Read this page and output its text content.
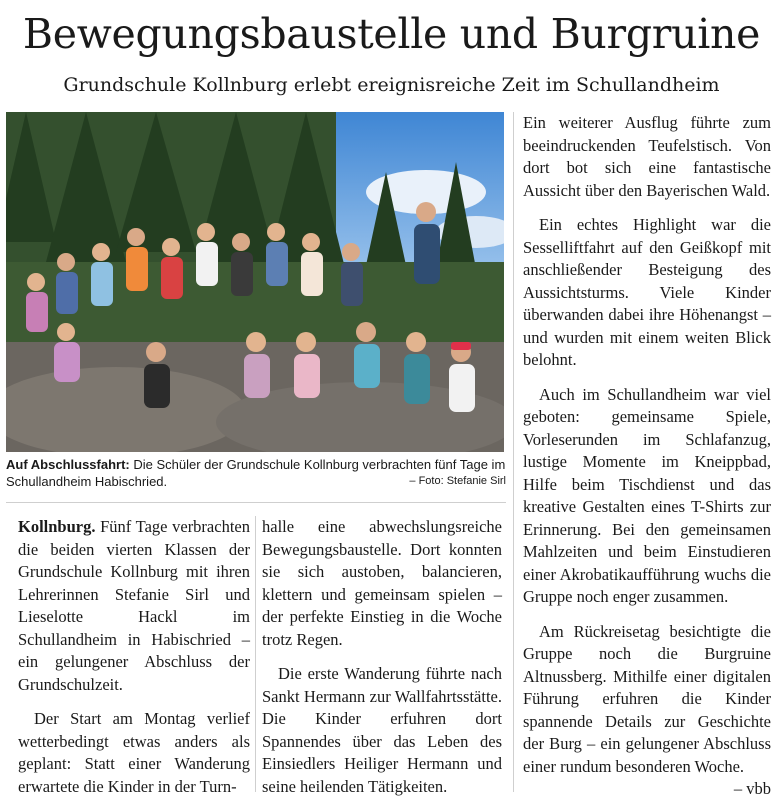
Bewegungsbaustelle und Burgruine
Grundschule Kollnburg erlebt ereignisreiche Zeit im Schullandheim
Auf Abschlussfahrt: Die Schüler der Grundschule Kollnburg verbrachten fünf Tage im Schullandheim Habischried.	– Foto: Stefanie Sirl

Kollnburg. Fünf Tage verbrachten die beiden vierten Klassen der Grundschule Kollnburg mit ihren Lehrerinnen Stefanie Sirl und Lieselotte Hackl im Schullandheim in Habischried – ein gelungener Abschluss der Grundschulzeit.

Der Start am Montag verlief wetterbedingt etwas anders als geplant: Statt einer Wanderung erwartete die Kinder in der Turn-

halle eine abwechslungsreiche Bewegungsbaustelle. Dort konnten sie sich austoben, balancieren, klettern und gemeinsam spielen – der perfekte Einstieg in die Woche trotz Regen.

Die erste Wanderung führte nach Sankt Hermann zur Wallfahrtsstätte. Die Kinder erfuhren dort Spannendes über das Leben des Einsiedlers Heiliger Hermann und seine heilenden Tätigkeiten.

Ein weiterer Ausflug führte zum beeindruckenden Teufelstisch. Von dort bot sich eine fantastische Aussicht über den Bayerischen Wald.

Ein echtes Highlight war die Sesselliftfahrt auf den Geißkopf mit anschließender Besteigung des Aussichtsturms. Viele Kinder überwanden dabei ihre Höhenangst – und wurden mit einem weiten Blick belohnt.

Auch im Schullandheim war viel geboten: gemeinsame Spiele, Vorleserunden im Schlafanzug, lustige Momente im Kneippbad, Hilfe beim Tischdienst und das kreative Gestalten eines T-Shirts zur Erinnerung. Bei den gemeinsamen Mahlzeiten und beim Einstudieren einer Akrobatikaufführung wuchs die Gruppe noch enger zusammen.

Am Rückreisetag besichtigte die Gruppe noch die Burgruine Altnussberg. Mithilfe einer digitalen Führung erfuhren die Kinder spannende Details zur Geschichte der Burg – ein gelungener Abschluss einer rundum besonderen Woche.
– vbb
